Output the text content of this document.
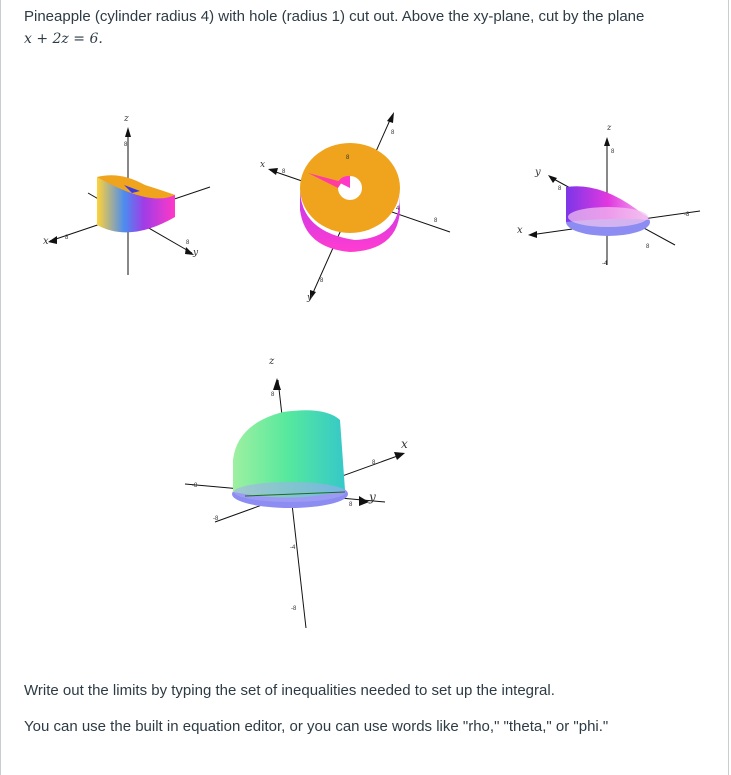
Pineapple (cylinder radius 4) with hole (radius 1) cut out. Above the xy-plane, cut by the plane
x + 2z = 6.
z
x
y
8
8
8
x
y
8
8
8
4
8
8
z
y
x
8
8
-8
-4
8
z
x
y
8
-8
8
-8
8
-4
-8
Write out the limits by typing the set of inequalities needed to set up the integral.
You can use the built in equation editor, or you can use words like "rho," "theta," or "phi."
